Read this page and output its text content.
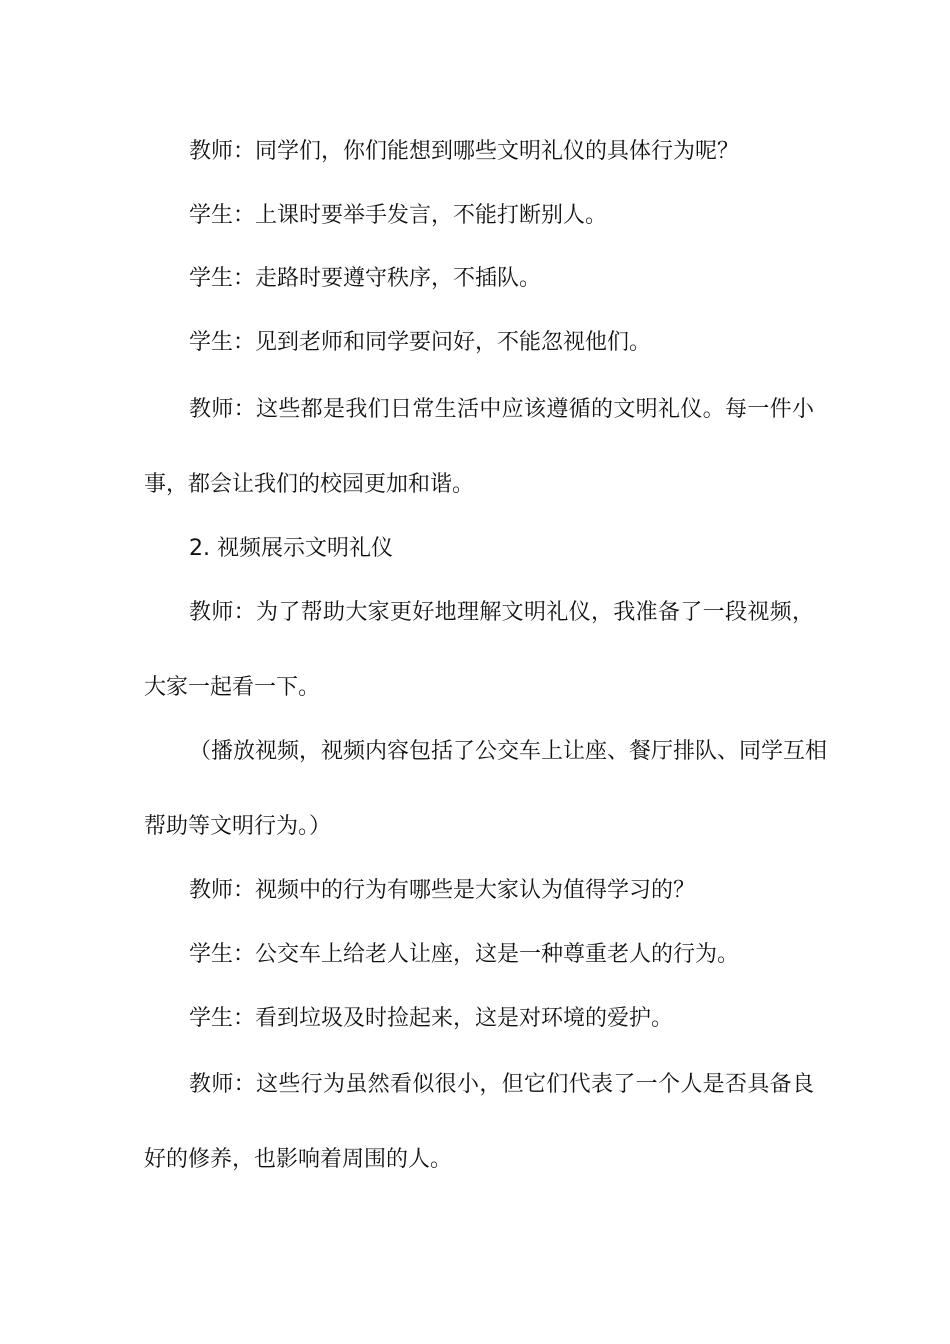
教师：同学们，你们能想到哪些文明礼仪的具体行为呢？
学生：上课时要举手发言，不能打断别人。
学生：走路时要遵守秩序，不插队。
学生：见到老师和同学要问好，不能忽视他们。
教师：这些都是我们日常生活中应该遵循的文明礼仪。每一件小
事，都会让我们的校园更加和谐。
2. 视频展示文明礼仪
教师：为了帮助大家更好地理解文明礼仪，我准备了一段视频，
大家一起看一下。
（播放视频，视频内容包括了公交车上让座、餐厅排队、同学互相
帮助等文明行为。）
教师：视频中的行为有哪些是大家认为值得学习的？
学生：公交车上给老人让座，这是一种尊重老人的行为。
学生：看到垃圾及时捡起来，这是对环境的爱护。
教师：这些行为虽然看似很小，但它们代表了一个人是否具备良
好的修养，也影响着周围的人。
